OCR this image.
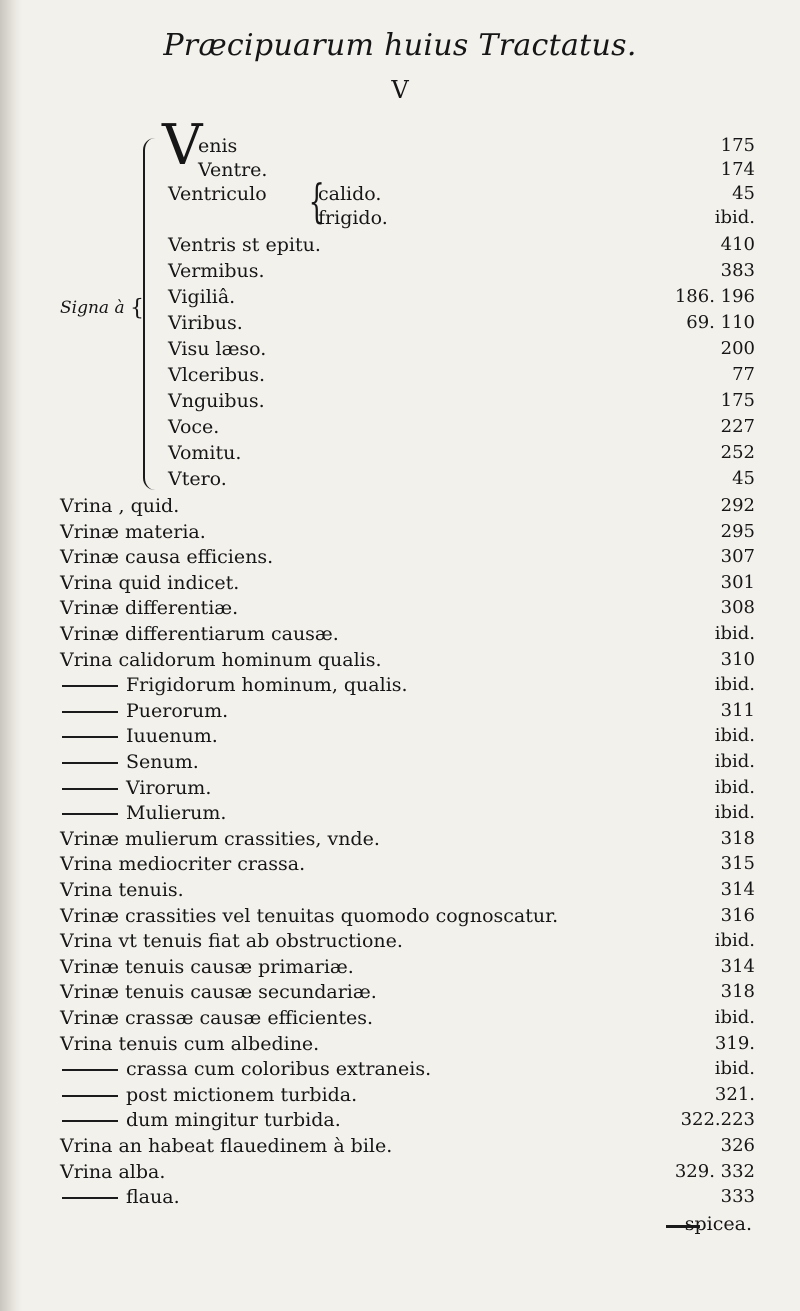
Præcipuarum huius Tractatus.
V
Signa à {
V
{
enis	175
Ventre.	174
Ventriculo	calido.	45
frigido.	ibid.
Ventris st epitu.	410
Vermibus.	383
Vigiliâ.	186. 196
Viribus.	69. 110
Visu læso.	200
Vlceribus.	77
Vnguibus.	175
Voce.	227
Vomitu.	252
Vtero.	45
Vrina , quid.	292
Vrinæ materia.	295
Vrinæ causa efficiens.	307
Vrina quid indicet.	301
Vrinæ differentiæ.	308
Vrinæ differentiarum causæ.	ibid.
Vrina calidorum hominum qualis.	310
Frigidorum hominum, qualis.	ibid.
Puerorum.	311
Iuuenum.	ibid.
Senum.	ibid.
Virorum.	ibid.
Mulierum.	ibid.
Vrinæ mulierum crassities, vnde.	318
Vrina mediocriter crassa.	315
Vrina tenuis.	314
Vrinæ crassities vel tenuitas quomodo cognoscatur.	316
Vrina vt tenuis fiat ab obstructione.	ibid.
Vrinæ tenuis causæ primariæ.	314
Vrinæ tenuis causæ secundariæ.	318
Vrinæ crassæ causæ efficientes.	ibid.
Vrina tenuis cum albedine.	319.
crassa cum coloribus extraneis.	ibid.
post mictionem turbida.	321.
dum mingitur turbida.	322.223
Vrina an habeat flauedinem à bile.	326
Vrina alba.	329. 332
flaua.	333
spicea.
